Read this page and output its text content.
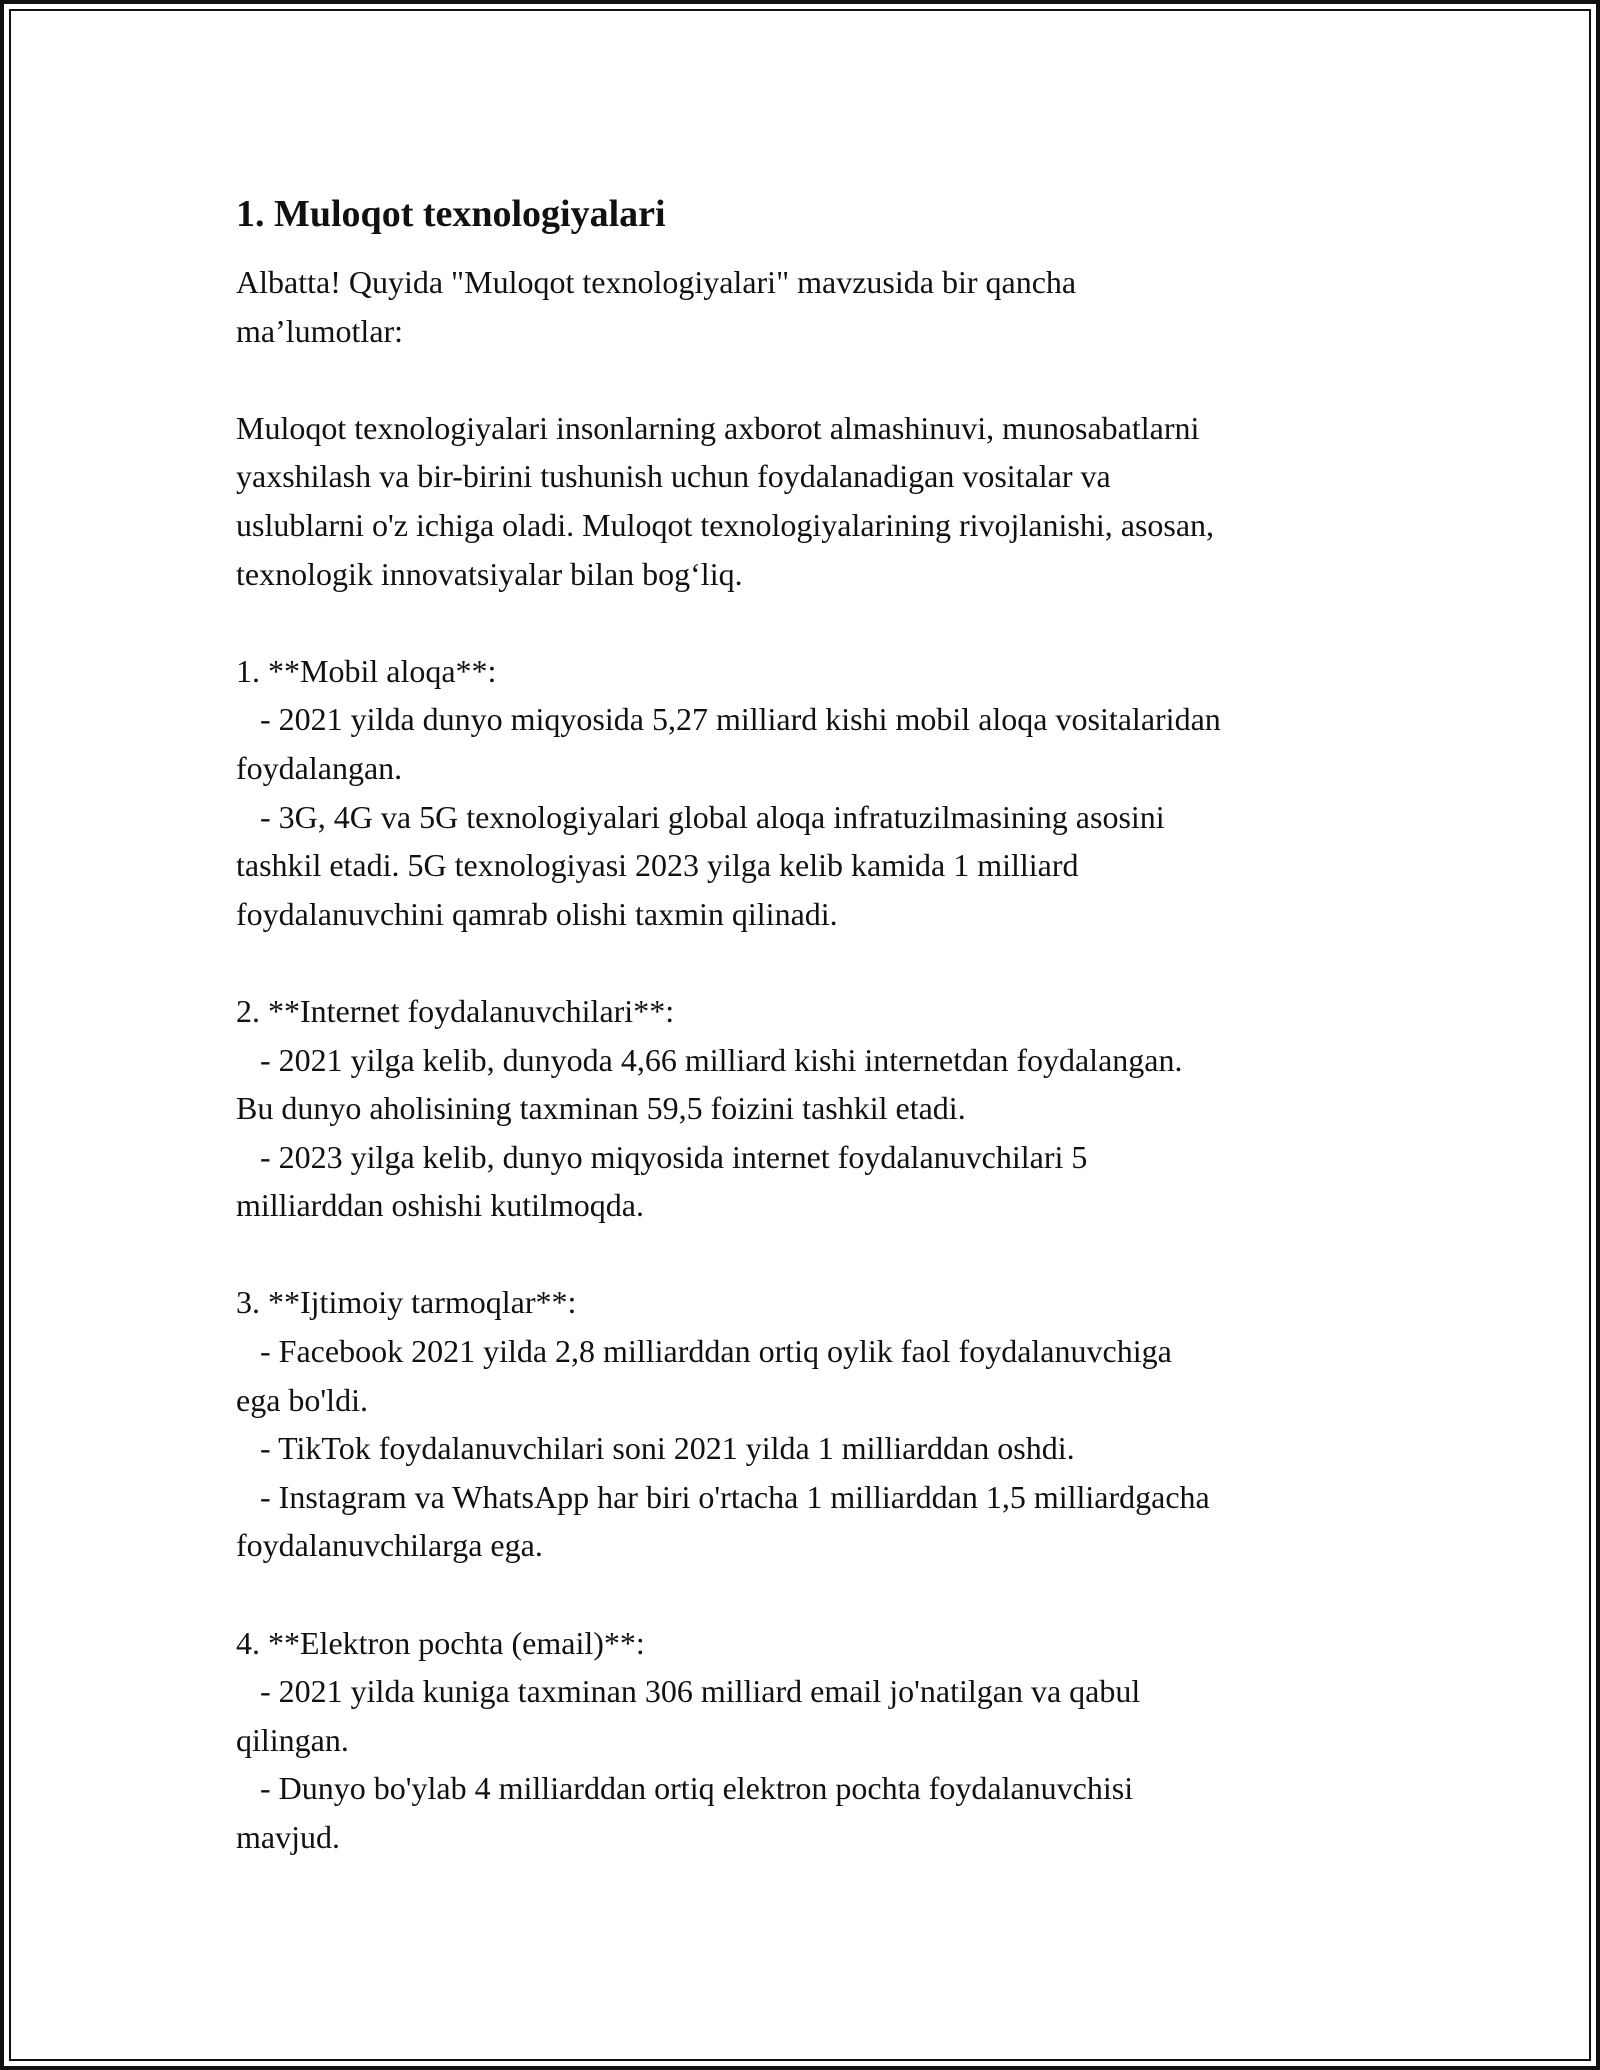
1. Muloqot texnologiyalari

Albatta! Quyida "Muloqot texnologiyalari" mavzusida bir qancha

ma’lumotlar:

Muloqot texnologiyalari insonlarning axborot almashinuvi, munosabatlarni

yaxshilash va bir-birini tushunish uchun foydalanadigan vositalar va

uslublarni o'z ichiga oladi. Muloqot texnologiyalarining rivojlanishi, asosan,

texnologik innovatsiyalar bilan bog‘liq.

1. **Mobil aloqa**:

- 2021 yilda dunyo miqyosida 5,27 milliard kishi mobil aloqa vositalaridan

foydalangan.

- 3G, 4G va 5G texnologiyalari global aloqa infratuzilmasining asosini

tashkil etadi. 5G texnologiyasi 2023 yilga kelib kamida 1 milliard

foydalanuvchini qamrab olishi taxmin qilinadi.

2. **Internet foydalanuvchilari**:

- 2021 yilga kelib, dunyoda 4,66 milliard kishi internetdan foydalangan.

Bu dunyo aholisining taxminan 59,5 foizini tashkil etadi.

- 2023 yilga kelib, dunyo miqyosida internet foydalanuvchilari 5

milliarddan oshishi kutilmoqda.

3. **Ijtimoiy tarmoqlar**:

- Facebook 2021 yilda 2,8 milliarddan ortiq oylik faol foydalanuvchiga

ega bo'ldi.

- TikTok foydalanuvchilari soni 2021 yilda 1 milliarddan oshdi.

- Instagram va WhatsApp har biri o'rtacha 1 milliarddan 1,5 milliardgacha

foydalanuvchilarga ega.

4. **Elektron pochta (email)**:

- 2021 yilda kuniga taxminan 306 milliard email jo'natilgan va qabul

qilingan.

- Dunyo bo'ylab 4 milliarddan ortiq elektron pochta foydalanuvchisi

mavjud.
